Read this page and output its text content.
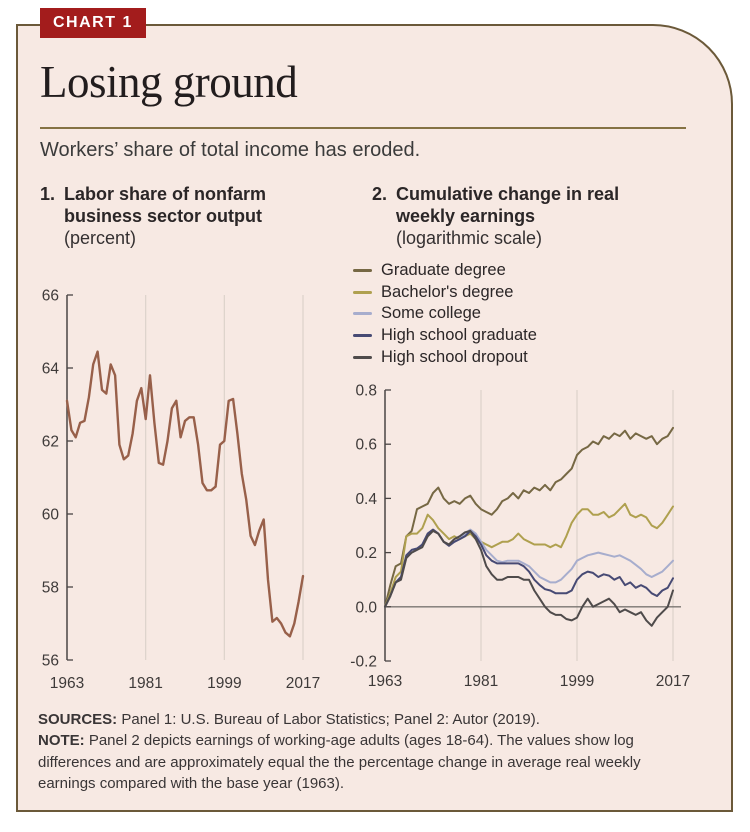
CHART 1
Losing ground

Workers’ share of total income has eroded.

1. Labor share of nonfarm business sector output
(percent)
2. Cumulative change in real weekly earnings
(logarithmic scale)
Graduate degree
Bachelor's degree
Some college
High school graduate
High school dropout
56
58
60
62
64
66
1963	1981	1999	2017
-0.2
0.0
0.2
0.4
0.6
0.8
1963	1981	1999	2017

SOURCES: Panel 1: U.S. Bureau of Labor Statistics; Panel 2: Autor (2019).

NOTE: Panel 2 depicts earnings of working-age adults (ages 18-64). The values show log differences and are approximately equal the the percentage change in average real weekly earnings compared with the base year (1963).
